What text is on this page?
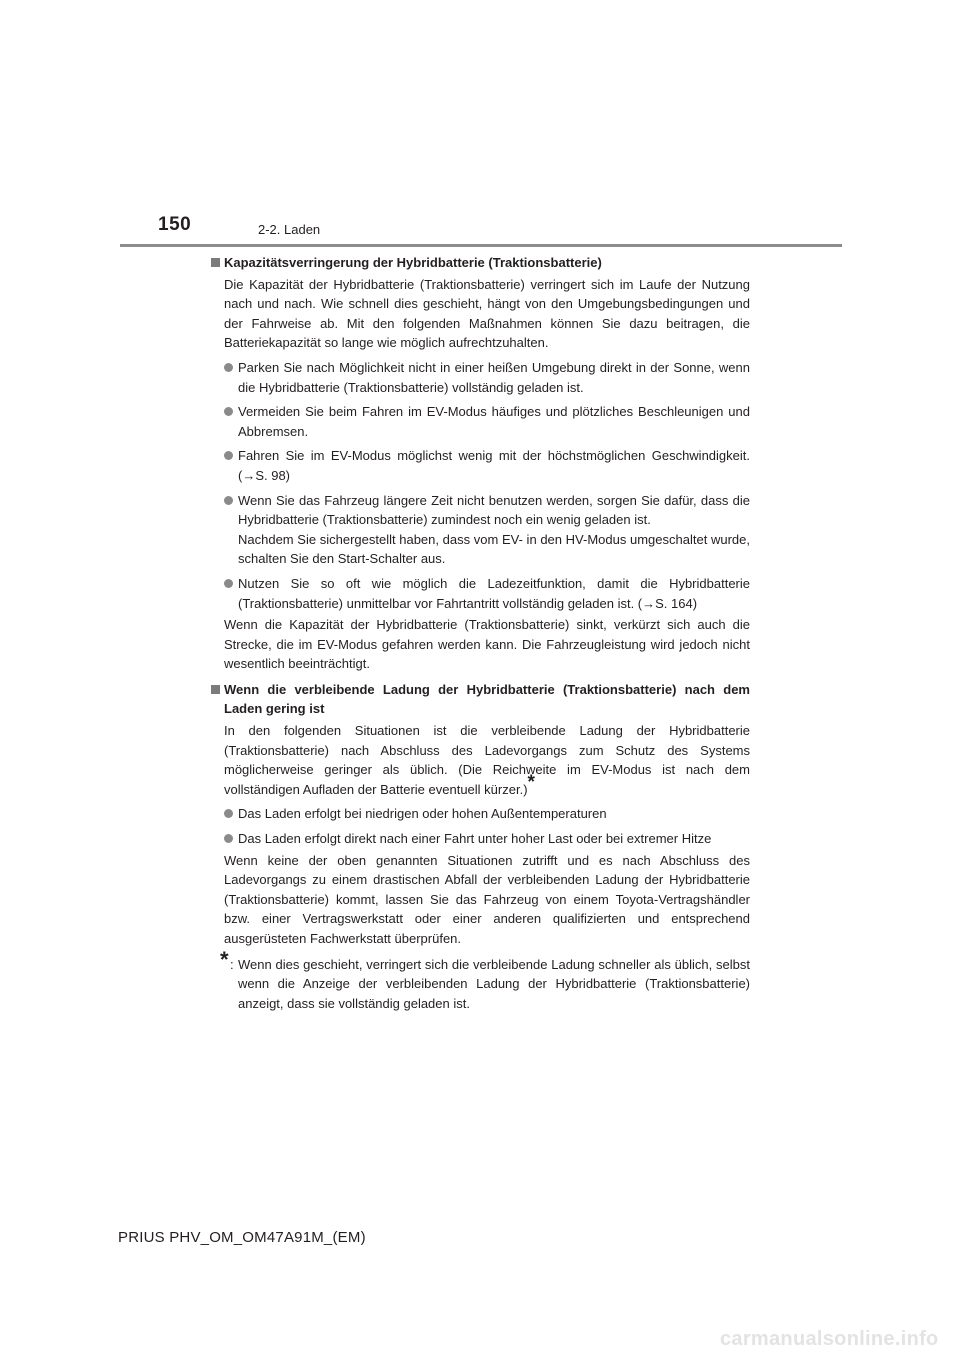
150	2-2. Laden
Kapazitätsverringerung der Hybridbatterie (Traktionsbatterie)

Die Kapazität der Hybridbatterie (Traktionsbatterie) verringert sich im Laufe der Nutzung nach und nach. Wie schnell dies geschieht, hängt von den Umgebungsbedingungen und der Fahrweise ab. Mit den folgenden Maßnahmen können Sie dazu beitragen, die Batteriekapazität so lange wie möglich aufrechtzuhalten.

Parken Sie nach Möglichkeit nicht in einer heißen Umgebung direkt in der Sonne, wenn die Hybridbatterie (Traktionsbatterie) vollständig geladen ist.
Vermeiden Sie beim Fahren im EV-Modus häufiges und plötzliches Beschleunigen und Abbremsen.
Fahren Sie im EV-Modus möglichst wenig mit der höchstmöglichen Geschwindigkeit. (→S. 98)
Wenn Sie das Fahrzeug längere Zeit nicht benutzen werden, sorgen Sie dafür, dass die Hybridbatterie (Traktionsbatterie) zumindest noch ein wenig geladen ist.

Nachdem Sie sichergestellt haben, dass vom EV- in den HV-Modus umgeschaltet wurde, schalten Sie den Start-Schalter aus.

Nutzen Sie so oft wie möglich die Ladezeitfunktion, damit die Hybridbatterie (Traktionsbatterie) unmittelbar vor Fahrtantritt vollständig geladen ist. (→S. 164)

Wenn die Kapazität der Hybridbatterie (Traktionsbatterie) sinkt, verkürzt sich auch die Strecke, die im EV-Modus gefahren werden kann. Die Fahrzeugleistung wird jedoch nicht wesentlich beeinträchtigt.

Wenn die verbleibende Ladung der Hybridbatterie (Traktionsbatterie) nach dem Laden gering ist

In den folgenden Situationen ist die verbleibende Ladung der Hybridbatterie (Traktionsbatterie) nach Abschluss des Ladevorgangs zum Schutz des Systems möglicherweise geringer als üblich. (Die Reichweite im EV-Modus ist nach dem vollständigen Aufladen der Batterie eventuell kürzer.)*

Das Laden erfolgt bei niedrigen oder hohen Außentemperaturen
Das Laden erfolgt direkt nach einer Fahrt unter hoher Last oder bei extremer Hitze

Wenn keine der oben genannten Situationen zutrifft und es nach Abschluss des Ladevorgangs zu einem drastischen Abfall der verbleibenden Ladung der Hybridbatterie (Traktionsbatterie) kommt, lassen Sie das Fahrzeug von einem Toyota-Vertragshändler bzw. einer Vertragswerkstatt oder einer anderen qualifizierten und entsprechend ausgerüsteten Fachwerkstatt überprüfen.

* : Wenn dies geschieht, verringert sich die verbleibende Ladung schneller als üblich, selbst wenn die Anzeige der verbleibenden Ladung der Hybridbatterie (Traktionsbatterie) anzeigt, dass sie vollständig geladen ist.
PRIUS PHV_OM_OM47A91M_(EM)
carmanualsonline.info
